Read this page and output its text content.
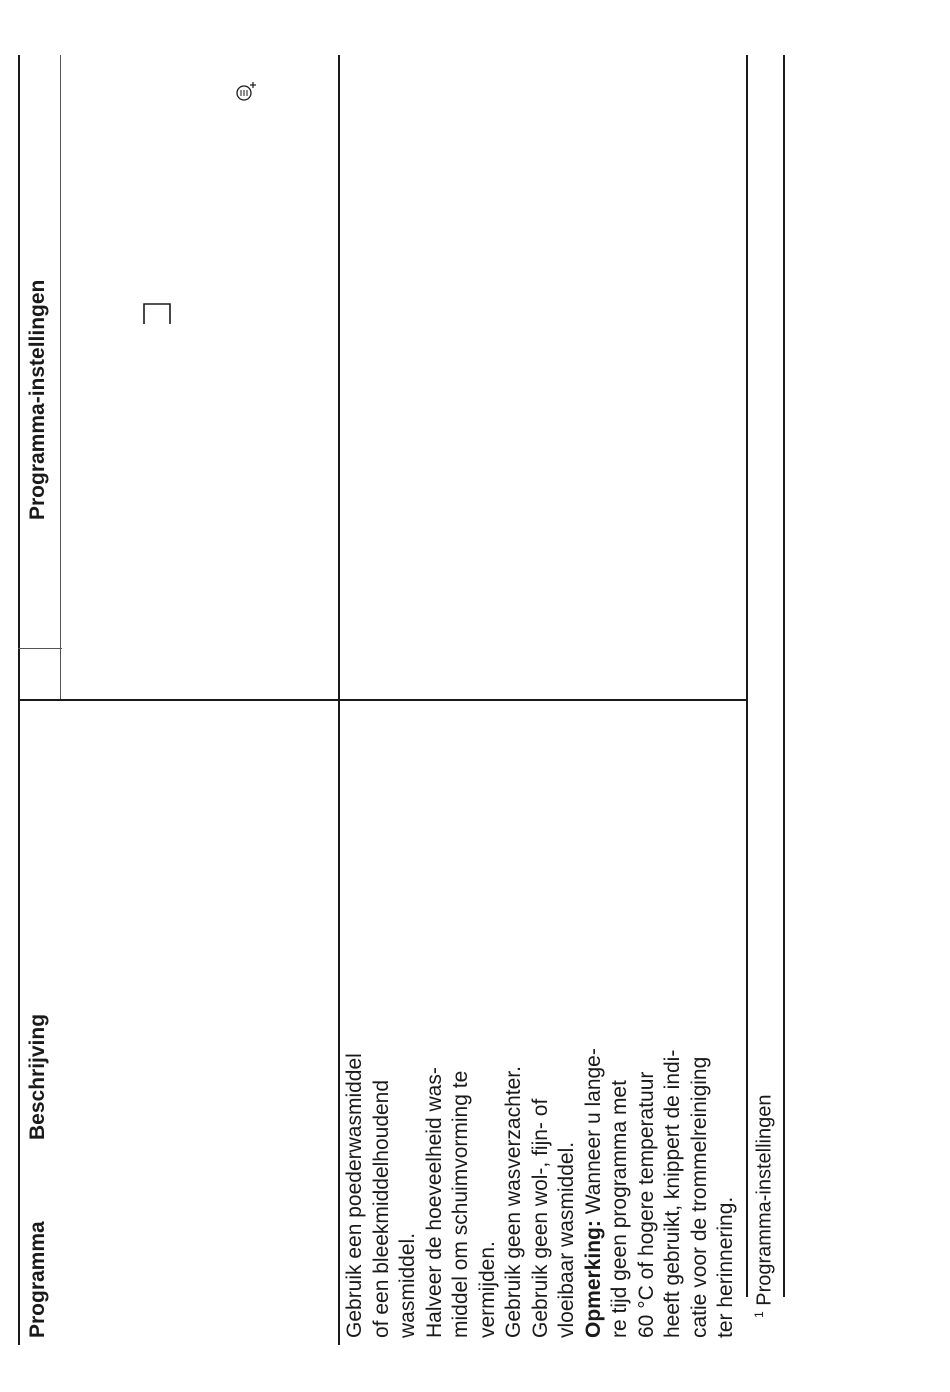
Programma
Beschrijving
Programma-instellingen

Gebruik een poederwasmiddel of een bleekmiddelhoudend wasmiddel. Halveer de hoeveelheid was- middel om schuimvorming te vermijden. Gebruik geen wasverzachter. Gebruik geen wol-, fijn- of vloeibaar wasmiddel. Opmerking: Wanneer u lange- re tijd geen programma met 60 °C of hogere temperatuur heeft gebruikt, knippert de indi- catie voor de trommelreiniging ter herinnering. $^1$ Programma-instellingen
